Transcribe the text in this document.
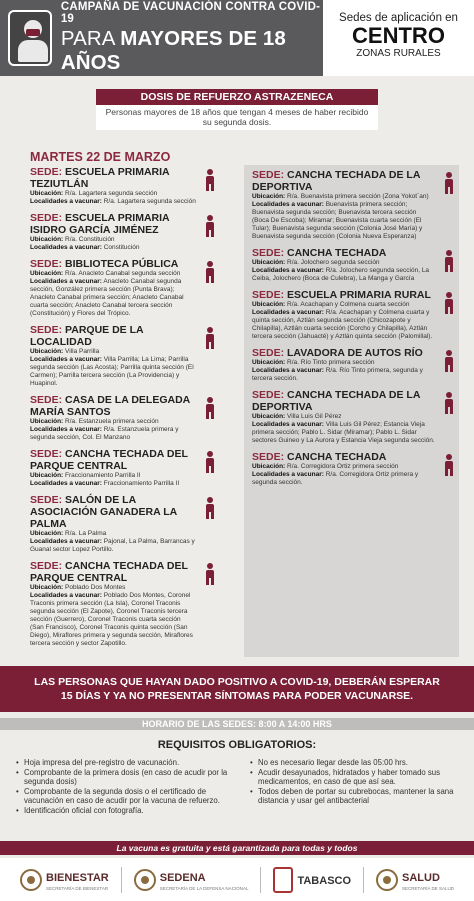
CAMPAÑA DE VACUNACIÓN CONTRA COVID-19
PARA MAYORES DE 18 AÑOS
Sedes de aplicación en
CENTRO
ZONAS RURALES
DOSIS DE REFUERZO ASTRAZENECA
Personas mayores de 18 años que tengan 4 meses de haber recibido su segunda dosis.
MARTES 22 DE MARZO
SEDE: ESCUELA PRIMARIA TEZIUTLÁN
Ubicación: R/a. Lagartera segunda sección
Localidades a vacunar: R/a. Lagartera segunda sección
SEDE: ESCUELA PRIMARIA ISIDRO GARCÍA JIMÉNEZ
Ubicación: R/a. Constitución
Localidades a vacunar: Constitución
SEDE: BIBLIOTECA PÚBLICA
Ubicación: R/a. Anacleto Canabal segunda sección
Localidades a vacunar: Anacleto Canabal segunda sección, González primera sección (Punta Brava); Anacleto Canabal primera sección; Anacleto Canabal cuarta sección; Anacleto Canabal tercera sección (Constitución) y Flores del Trópico.
SEDE: PARQUE DE LA LOCALIDAD
Ubicación: Villa Parrilla
Localidades a vacunar: Villa Parrilla; La Lima; Parrilla segunda sección (Las Acosta); Parrilla quinta sección (El Carmen); Parrilla tercera sección (La Providencia) y Huapinol.
SEDE: CASA DE LA DELEGADA MARÍA SANTOS
Ubicación: R/a. Estanzuela primera sección
Localidades a vacunar: R/a. Estanzuela primera y segunda sección, Col. El Manzano
SEDE: CANCHA TECHADA DEL PARQUE CENTRAL
Ubicación: Fraccionamiento Parrilla II
Localidades a vacunar: Fraccionamiento Parrilla II
SEDE: SALÓN DE LA ASOCIACIÓN GANADERA LA PALMA
Ubicación: R/a. La Palma
Localidades a vacunar: Pajonal, La Palma, Barrancas y Guanal sector Lopez Portillo.
SEDE: CANCHA TECHADA DEL PARQUE CENTRAL
Ubicación: Poblado Dos Montes
Localidades a vacunar: Poblado Dos Montes, Coronel Traconis primera sección (La Isla), Coronel Traconis segunda sección (El Zapote), Coronel Traconis tercera sección (Guerrero), Coronel Traconis cuarta sección (San Francisco), Coronel Traconis quinta sección (San Diego), Miraflores primera y segunda sección, Miraflores tercera sección y sector Zapotillo.
SEDE: CANCHA TECHADA DE LA DEPORTIVA
Ubicación: R/a. Buenavista primera sección (Zona Yokot´an)
Localidades a vacunar: Buenavista primera sección; Buenavista segunda sección; Buenavista tercera sección (Boca De Escoba); Miramar; Buenavista cuarta sección (El Tular); Buenavista segunda sección (Colonia José María) y Buenavista segunda sección (Colonia Nueva Esperanza)
SEDE: CANCHA TECHADA
Ubicación: R/a. Jolochero segunda sección
Localidades a vacunar: R/a. Jolochero segunda sección, La Ceiba, Jolochero (Boca de Culebra), La Manga y García
SEDE: ESCUELA PRIMARIA RURAL
Ubicación: R/a. Acachapan y Colmena cuarta sección
Localidades a vacunar: R/a. Acachapan y Colmena cuarta y quinta sección, Aztlán segunda sección (Chicozapote y Chilapilla), Aztlán cuarta sección (Corcho y Chilapilla), Aztlán tercera sección (Jahuacté) y Aztlán quinta sección (Palomillal).
SEDE: LAVADORA DE AUTOS RÍO
Ubicación: R/a. Río Tinto primera sección
Localidades a vacunar: R/a. Río Tinto primera, segunda y tercera sección.
SEDE: CANCHA TECHADA DE LA DEPORTIVA
Ubicación: Villa Luis Gil Pérez
Localidades a vacunar: Villa Luis Gil Pérez; Estancia Vieja primera sección; Pablo L. Sidar (Miramar); Pablo L. Sidar sectores Guineo y La Aurora y Estancia Vieja segunda sección.
SEDE: CANCHA TECHADA
Ubicación: R/a. Corregidora Ortiz primera sección
Localidades a vacunar: R/a. Corregidora Ortiz primera y segunda sección.
LAS PERSONAS QUE HAYAN DADO POSITIVO A COVID-19, DEBERÁN ESPERAR
15 DÍAS Y YA NO PRESENTAR SÍNTOMAS PARA PODER VACUNARSE.
HORARIO DE LAS SEDES: 8:00 A 14:00 HRS
REQUISITOS OBLIGATORIOS:
• Hoja impresa del pre-registro de vacunación.
• Comprobante de la primera dosis (en caso de acudir por la segunda dosis)
• Comprobante de la segunda dosis o el certificado de vacunación en caso de acudir por la vacuna de refuerzo.
• Identificación oficial con fotografía.
• No es necesario llegar desde las 05:00 hrs.
• Acudir desayunados, hidratados y haber tomado sus medicamentos, en caso de que así sea.
• Todos deben de portar su cubrebocas, mantener la sana distancia y usar gel antibacterial
La vacuna es gratuita y está garantizada para todas y todos
BIENESTAR
SECRETARÍA DE BIENESTAR
SEDENA
SECRETARÍA DE LA DEFENSA NACIONAL
TABASCO	SALUD
SECRETARÍA DE SALUD
